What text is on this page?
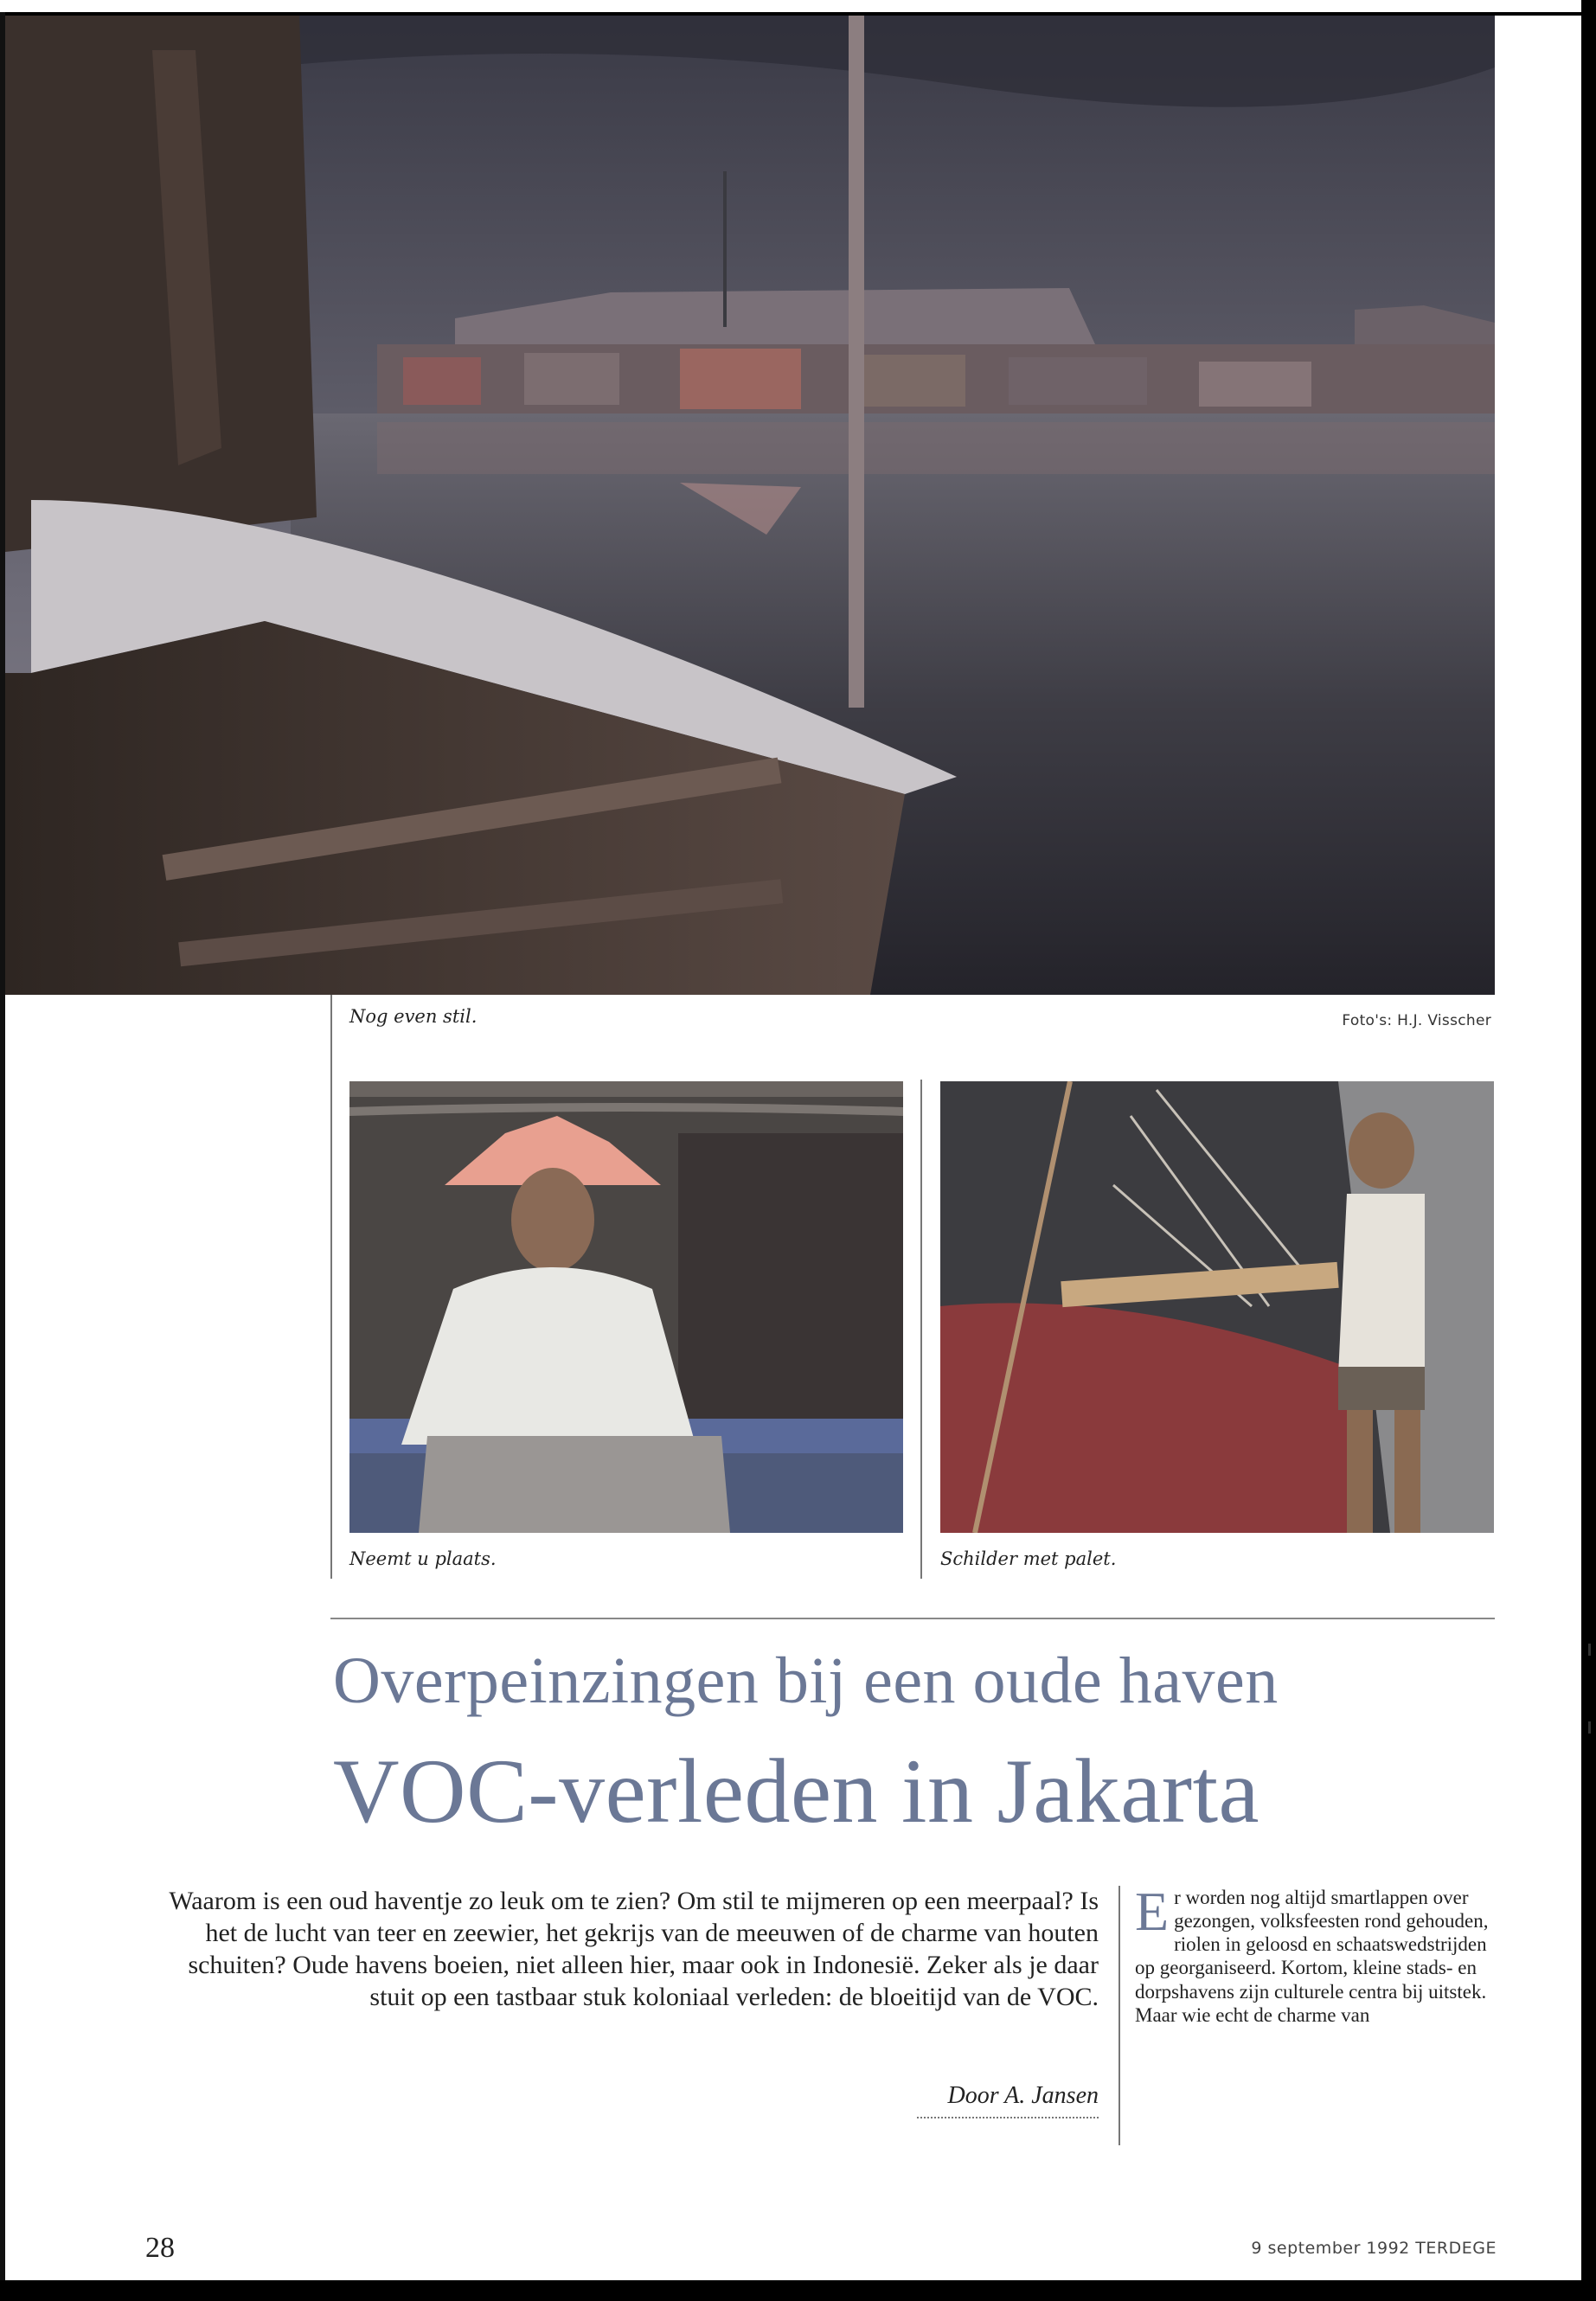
Nog even stil.	Foto's: H.J. Visscher
Neemt u plaats.	Schilder met palet.
Overpeinzingen bij een oude haven
VOC-verleden in Jakarta

Waarom is een oud haventje zo leuk om te zien? Om stil te mijmeren op een meerpaal? Is het de lucht van teer en zeewier, het gekrijs van de meeuwen of de charme van houten schuiten? Oude havens boeien, niet alleen hier, maar ook in Indonesië. Zeker als je daar stuit op een tastbaar stuk koloniaal verleden: de bloeitijd van de VOC.

Door A. Jansen
E r worden nog altijd smartlappen over gezongen, volksfeesten rond gehouden, riolen in geloosd en schaatswedstrijden op georganiseerd. Kortom, kleine stads- en dorpshavens zijn culturele centra bij uitstek. Maar wie echt de charme van

28	9 september 1992 TERDEGE
